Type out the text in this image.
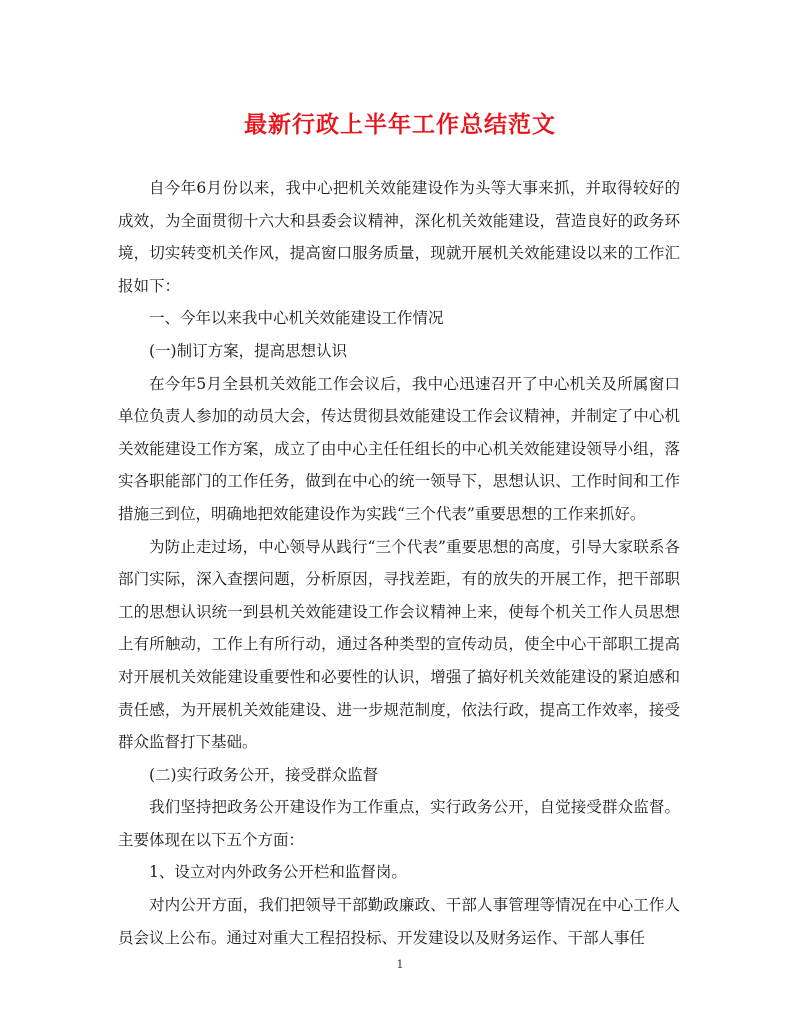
最新行政上半年工作总结范文

自今年6月份以来，我中心把机关效能建设作为头等大事来抓，并取得较好的成效，为全面贯彻十六大和县委会议精神，深化机关效能建设，营造良好的政务环境，切实转变机关作风，提高窗口服务质量，现就开展机关效能建设以来的工作汇报如下：

一、今年以来我中心机关效能建设工作情况

(一)制订方案，提高思想认识

在今年5月全县机关效能工作会议后，我中心迅速召开了中心机关及所属窗口单位负责人参加的动员大会，传达贯彻县效能建设工作会议精神，并制定了中心机关效能建设工作方案，成立了由中心主任任组长的中心机关效能建设领导小组，落实各职能部门的工作任务，做到在中心的统一领导下，思想认识、工作时间和工作措施三到位，明确地把效能建设作为实践“三个代表”重要思想的工作来抓好。

为防止走过场，中心领导从践行“三个代表”重要思想的高度，引导大家联系各部门实际，深入查摆问题，分析原因，寻找差距，有的放失的开展工作，把干部职工的思想认识统一到县机关效能建设工作会议精神上来，使每个机关工作人员思想上有所触动，工作上有所行动，通过各种类型的宣传动员，使全中心干部职工提高对开展机关效能建设重要性和必要性的认识，增强了搞好机关效能建设的紧迫感和责任感，为开展机关效能建设、进一步规范制度，依法行政，提高工作效率，接受群众监督打下基础。

(二)实行政务公开，接受群众监督

我们坚持把政务公开建设作为工作重点，实行政务公开，自觉接受群众监督。主要体现在以下五个方面：

1、设立对内外政务公开栏和监督岗。

对内公开方面，我们把领导干部勤政廉政、干部人事管理等情况在中心工作人员会议上公布。通过对重大工程招投标、开发建设以及财务运作、干部人事任

1
